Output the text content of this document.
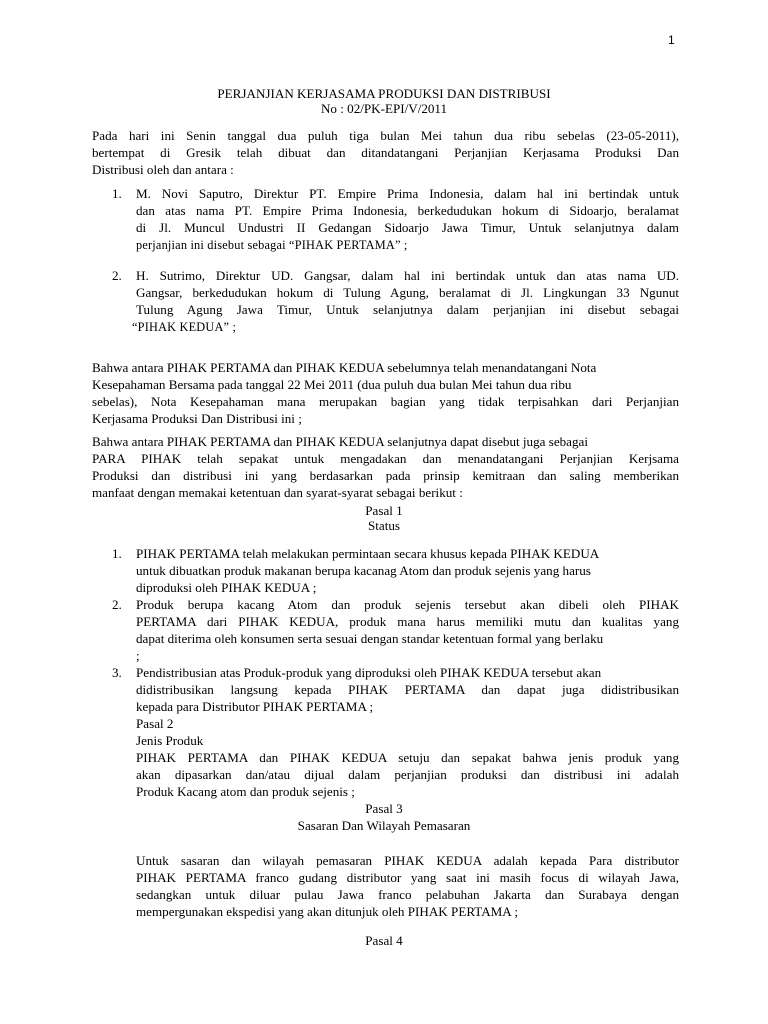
1
PERJANJIAN KERJASAMA PRODUKSI DAN DISTRIBUSI
No : 02/PK-EPI/V/2011
Pada hari ini Senin tanggal dua puluh tiga bulan Mei tahun dua ribu sebelas (23-05-2011),
bertempat di Gresik telah dibuat dan ditandatangani Perjanjian Kerjasama Produksi Dan
Distribusi oleh dan antara :
1. M. Novi Saputro, Direktur PT. Empire Prima Indonesia, dalam hal ini bertindak untuk
dan atas nama PT. Empire Prima Indonesia, berkedudukan hokum di Sidoarjo, beralamat
di Jl. Muncul Undustri II Gedangan Sidoarjo Jawa Timur, Untuk selanjutnya dalam
perjanjian ini disebut sebagai “PIHAK PERTAMA” ;
2. H. Sutrimo, Direktur UD. Gangsar, dalam hal ini bertindak untuk dan atas nama UD.
Gangsar, berkedudukan hokum di Tulung Agung, beralamat di Jl. Lingkungan 33 Ngunut
Tulung Agung Jawa Timur, Untuk selanjutnya dalam perjanjian ini disebut sebagai
“PIHAK KEDUA” ;
Bahwa antara PIHAK PERTAMA dan PIHAK KEDUA sebelumnya telah menandatangani Nota
Kesepahaman Bersama pada tanggal 22 Mei 2011 (dua puluh dua bulan Mei tahun dua ribu
sebelas), Nota Kesepahaman mana merupakan bagian yang tidak terpisahkan dari Perjanjian
Kerjasama Produksi Dan Distribusi ini ;
Bahwa antara PIHAK PERTAMA dan PIHAK KEDUA selanjutnya dapat disebut juga sebagai
PARA PIHAK telah sepakat untuk mengadakan dan menandatangani Perjanjian Kerjsama
Produksi dan distribusi ini yang berdasarkan pada prinsip kemitraan dan saling memberikan
manfaat dengan memakai ketentuan dan syarat-syarat sebagai berikut :
Pasal 1
Status
1. PIHAK PERTAMA telah melakukan permintaan secara khusus kepada PIHAK KEDUA
untuk dibuatkan produk makanan berupa kacanag Atom dan produk sejenis yang harus
diproduksi oleh PIHAK KEDUA ;
2. Produk berupa kacang Atom dan produk sejenis tersebut akan dibeli oleh PIHAK
PERTAMA dari PIHAK KEDUA, produk mana harus memiliki mutu dan kualitas yang
dapat diterima oleh konsumen serta sesuai dengan standar ketentuan formal yang berlaku
;
3. Pendistribusian atas Produk-produk yang diproduksi oleh PIHAK KEDUA tersebut akan
didistribusikan langsung kepada PIHAK PERTAMA dan dapat juga didistribusikan
kepada para Distributor PIHAK PERTAMA ;
Pasal 2
Jenis Produk
PIHAK PERTAMA dan PIHAK KEDUA setuju dan sepakat bahwa jenis produk yang
akan dipasarkan dan/atau dijual dalam perjanjian produksi dan distribusi ini adalah
Produk Kacang atom dan produk sejenis ;
Pasal 3
Sasaran Dan Wilayah Pemasaran
Untuk sasaran dan wilayah pemasaran PIHAK KEDUA adalah kepada Para distributor
PIHAK PERTAMA franco gudang distributor yang saat ini masih focus di wilayah Jawa,
sedangkan untuk diluar pulau Jawa franco pelabuhan Jakarta dan Surabaya dengan
mempergunakan ekspedisi yang akan ditunjuk oleh PIHAK PERTAMA ;
Pasal 4
